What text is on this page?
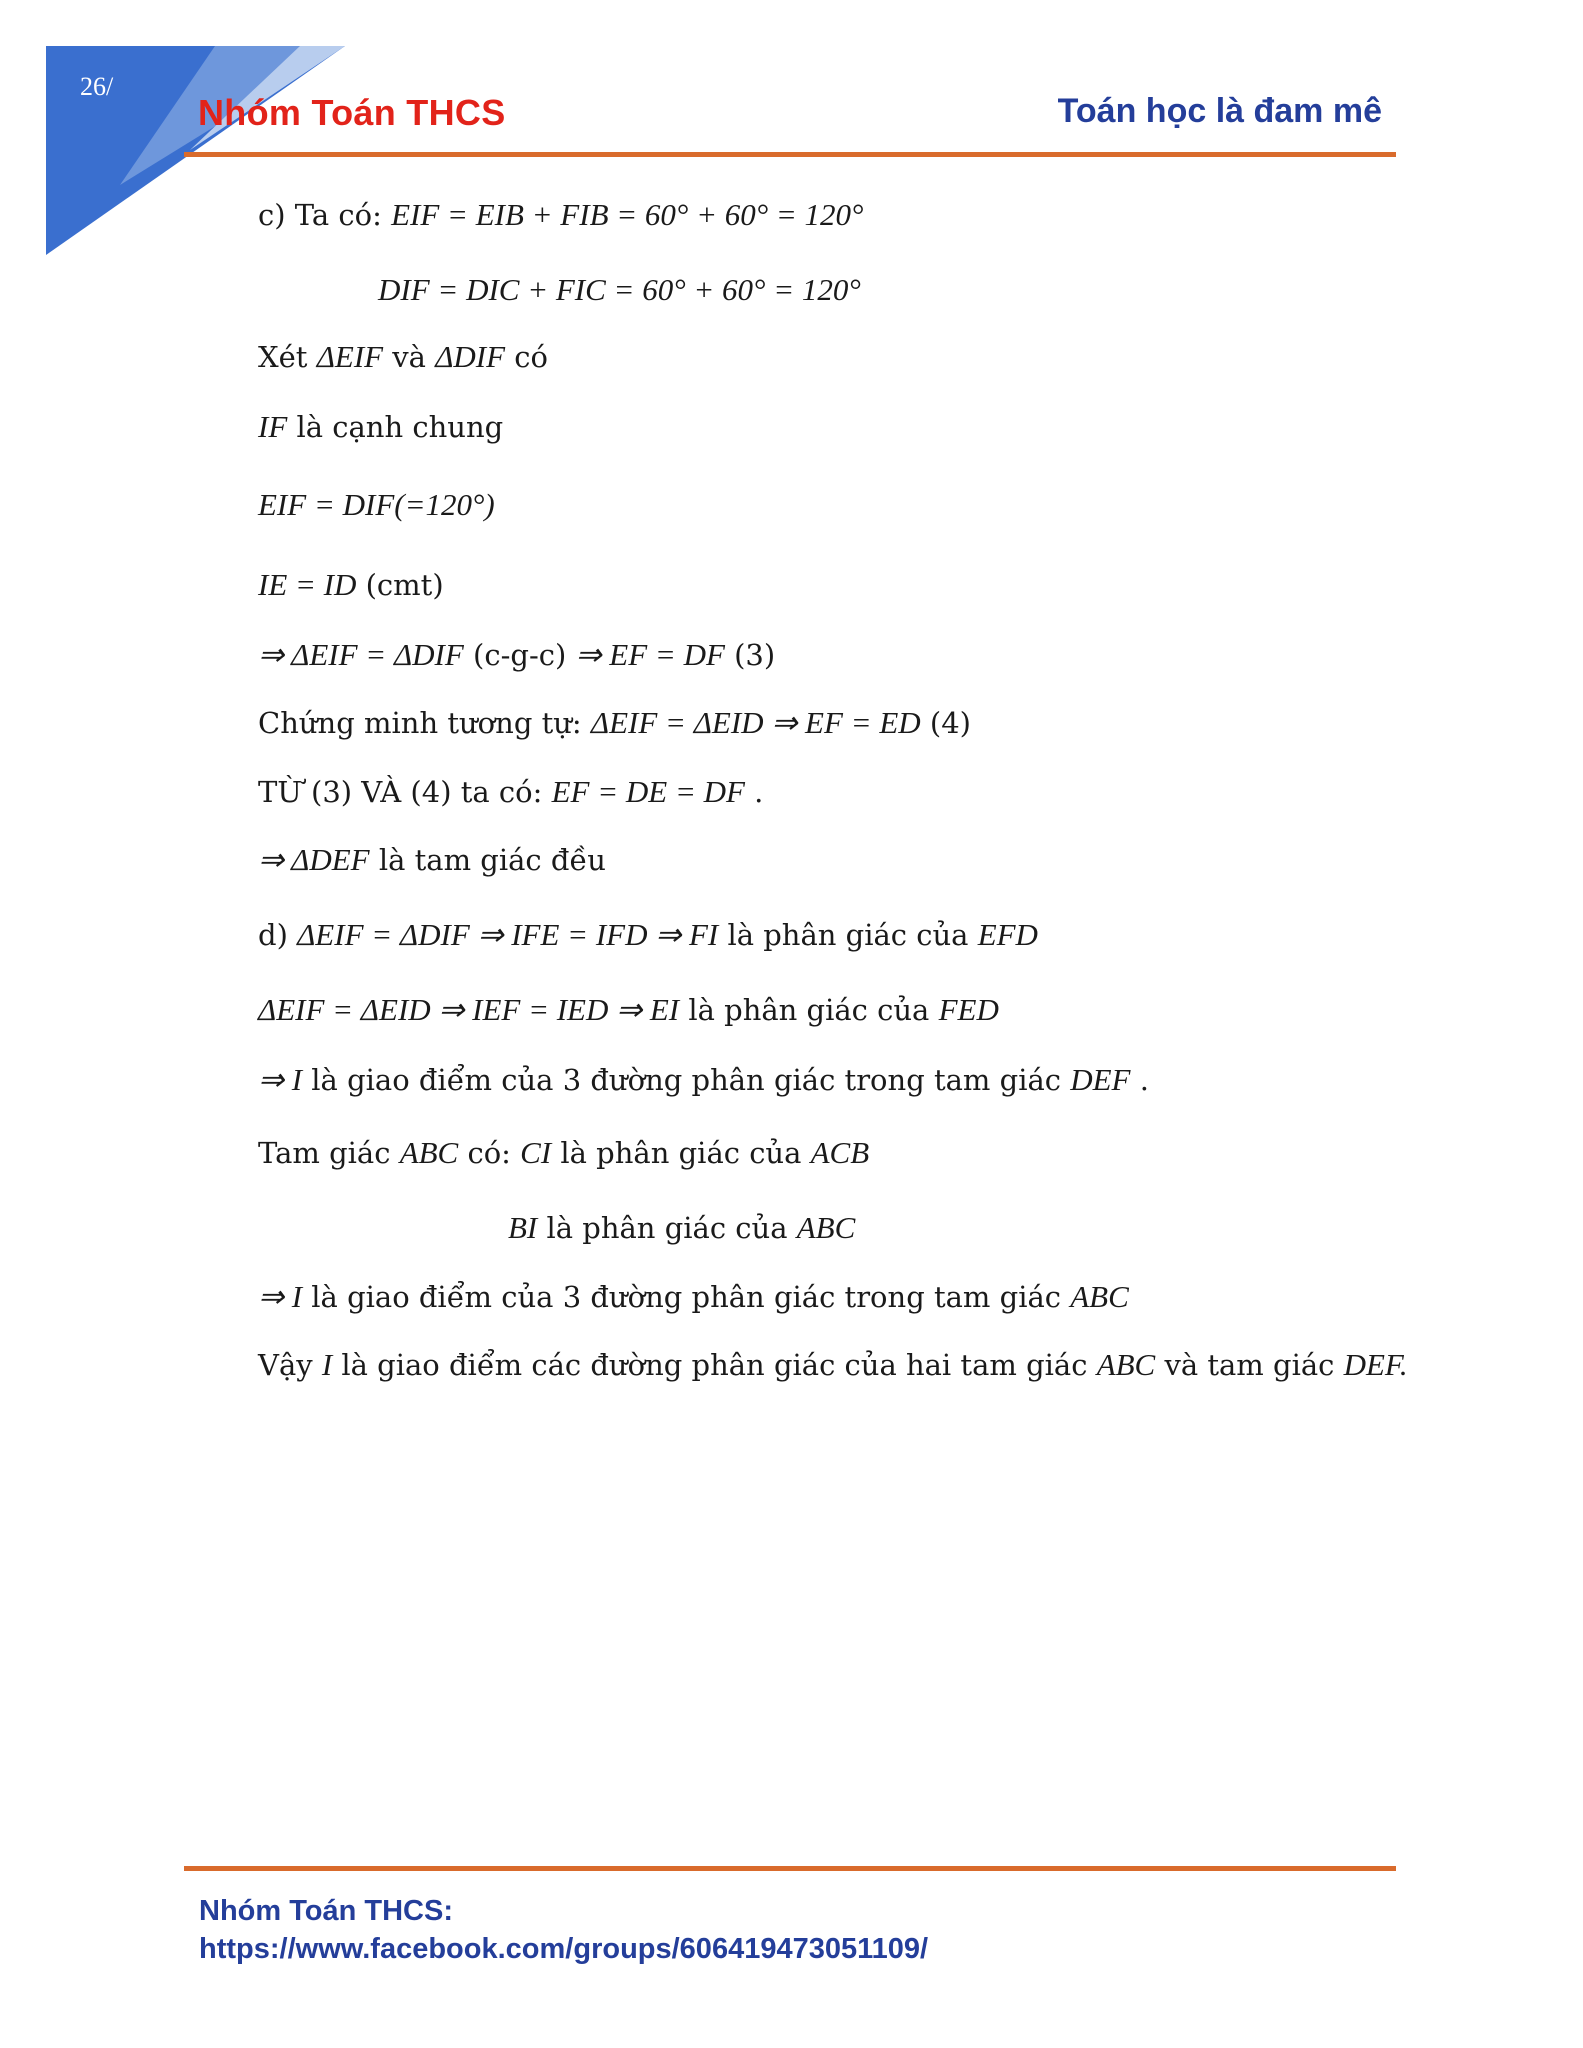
26/
Nhóm Toán THCS	Toán học là đam mê
c) Ta có: EIF = EIB + FIB = 60° + 60° = 120°
DIF = DIC + FIC = 60° + 60° = 120°
Xét ΔEIF và ΔDIF có
IF là cạnh chung
EIF = DIF(=120°)
IE = ID (cmt)
⇒ ΔEIF = ΔDIF (c-g-c) ⇒ EF = DF (3)
Chứng minh tương tự: ΔEIF = ΔEID ⇒ EF = ED (4)
TỪ (3) VÀ (4) ta có: EF = DE = DF .
⇒ ΔDEF là tam giác đều
d) ΔEIF = ΔDIF ⇒ IFE = IFD ⇒ FI là phân giác của EFD
ΔEIF = ΔEID ⇒ IEF = IED ⇒ EI là phân giác của FED
⇒ I là giao điểm của 3 đường phân giác trong tam giác DEF .
Tam giác ABC có: CI là phân giác của ACB
BI là phân giác của ABC
⇒ I là giao điểm của 3 đường phân giác trong tam giác ABC
Vậy I là giao điểm các đường phân giác của hai tam giác ABC và tam giác DEF.
Nhóm Toán THCS:
https://www.facebook.com/groups/606419473051109/
